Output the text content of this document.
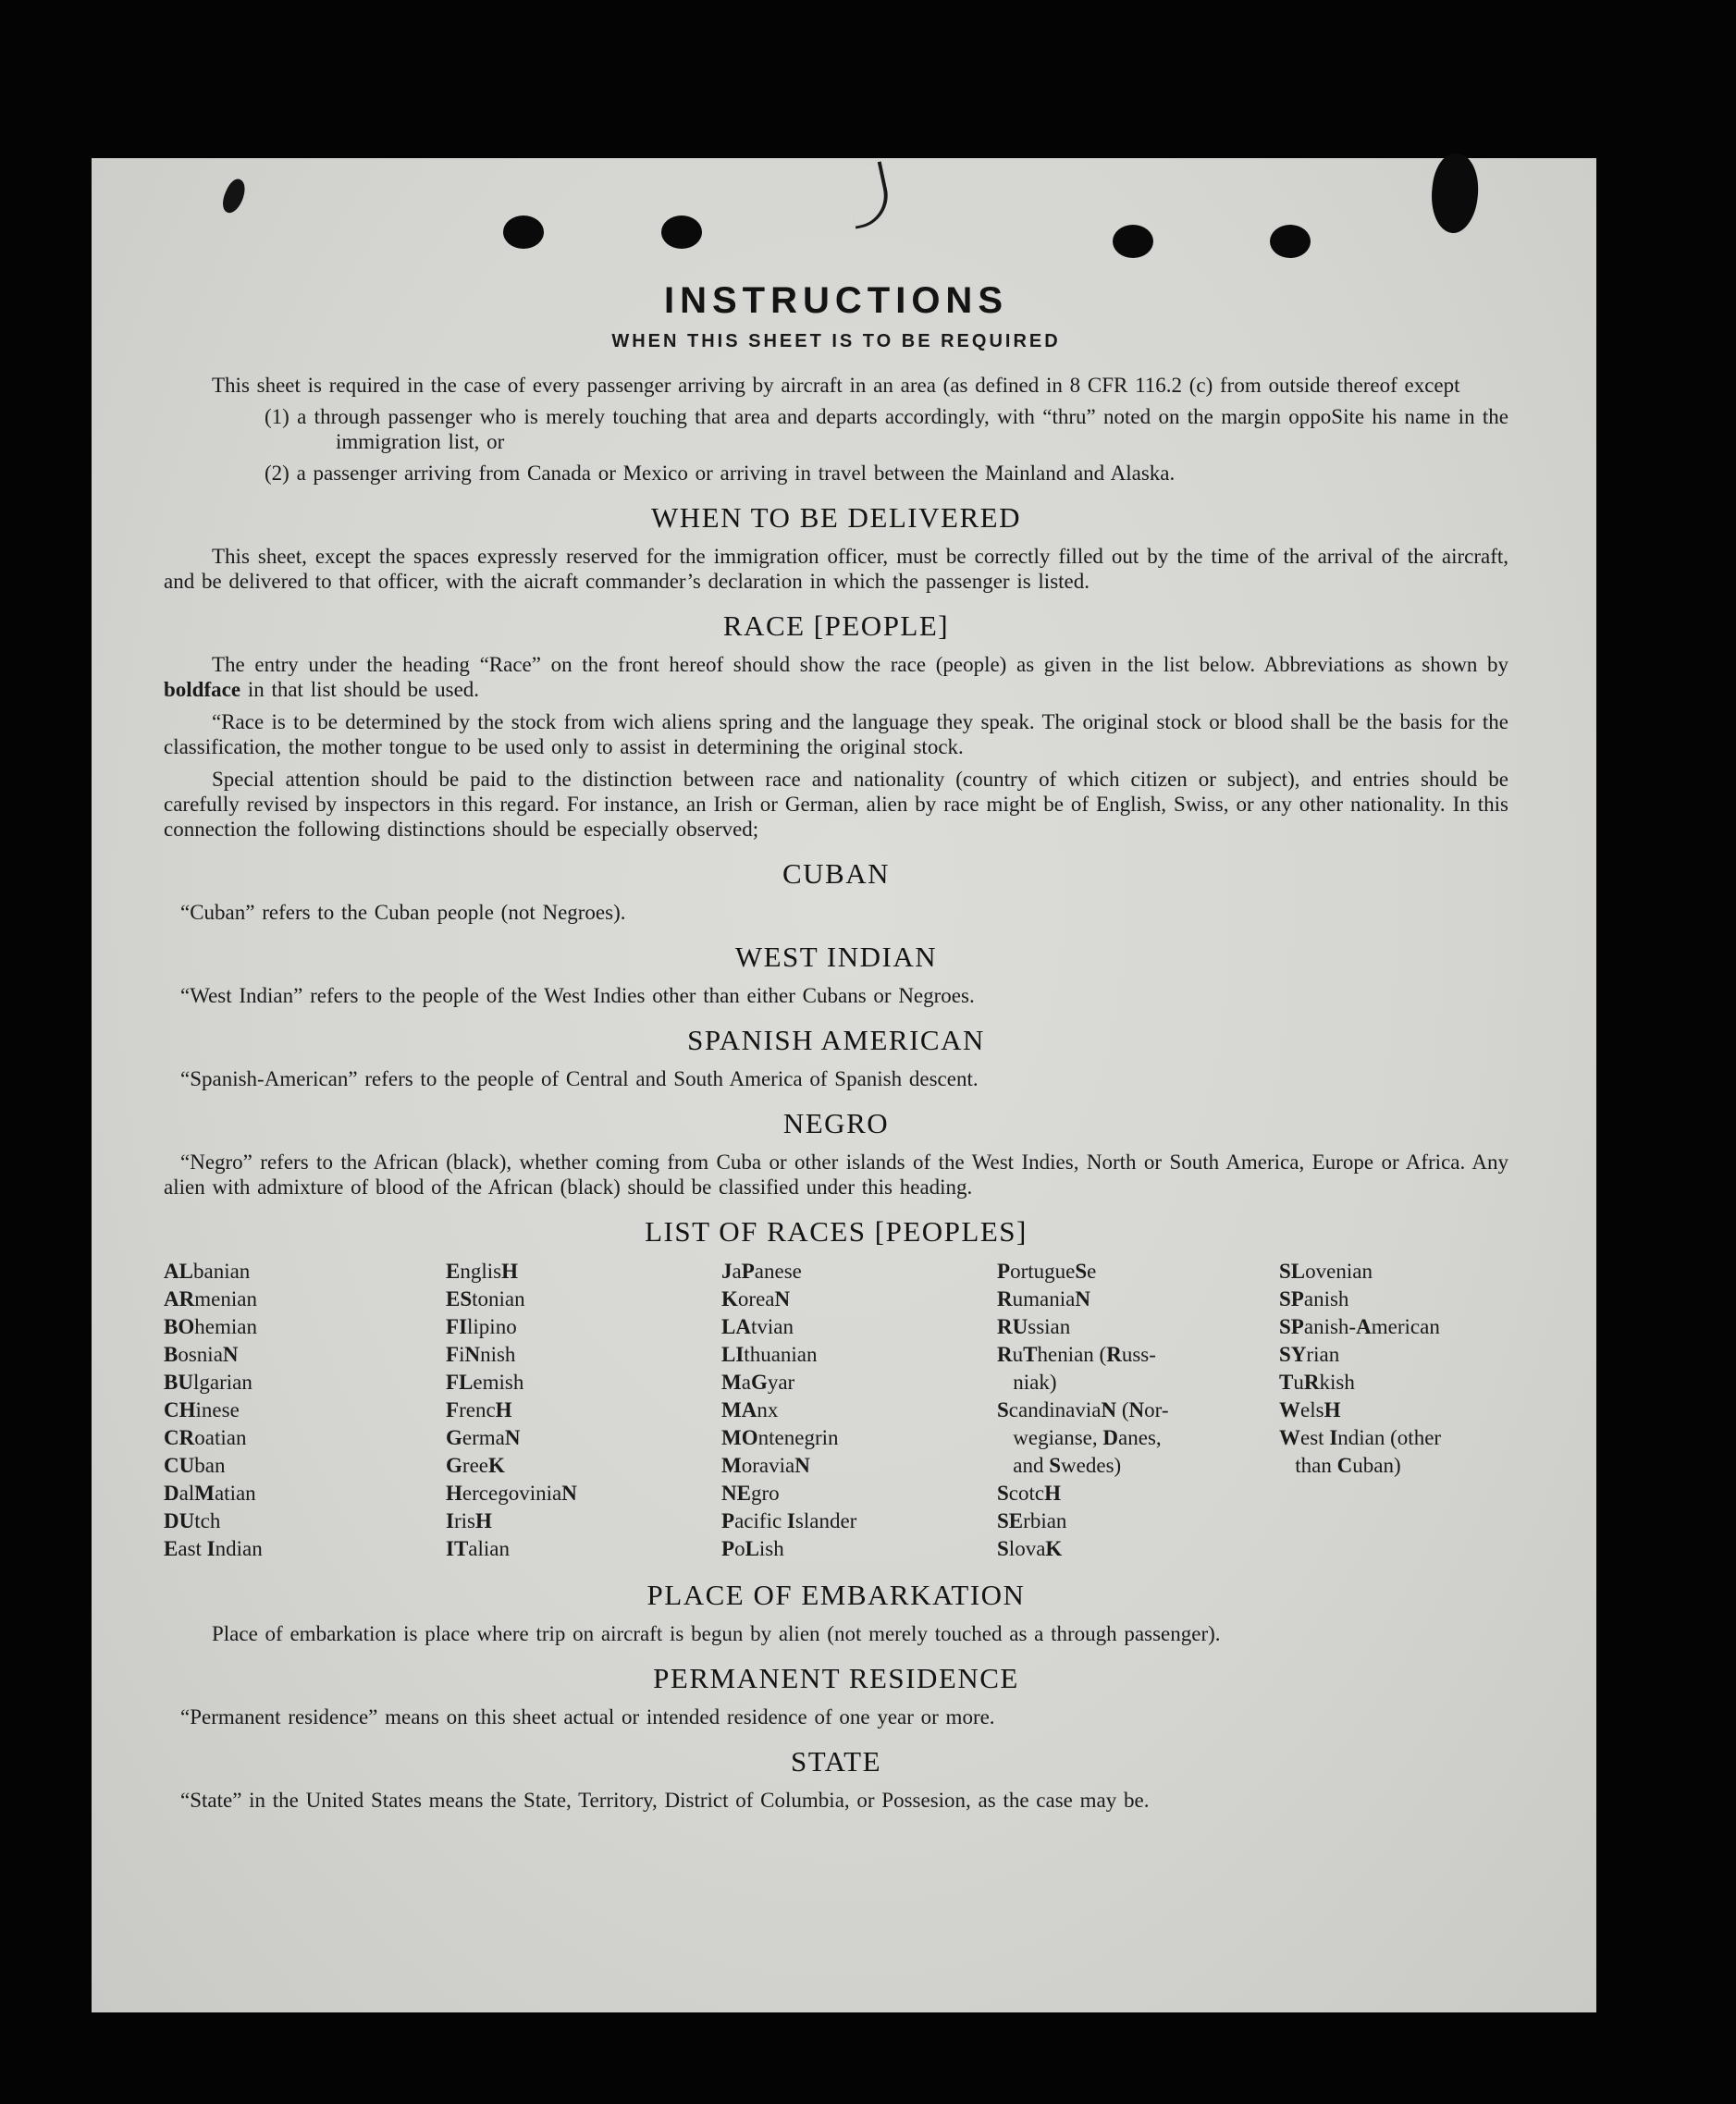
INSTRUCTIONS
WHEN THIS SHEET IS TO BE REQUIRED

This sheet is required in the case of every passenger arriving by aircraft in an area (as defined in 8 CFR 116.2 (c) from outside thereof except

(1) a through passenger who is merely touching that area and departs accordingly, with “thru” noted on the margin oppoSite his name in the immigration list, or
(2) a passenger arriving from Canada or Mexico or arriving in travel between the Mainland and Alaska.
WHEN TO BE DELIVERED

This sheet, except the spaces expressly reserved for the immigration officer, must be correctly filled out by the time of the arrival of the aircraft, and be delivered to that officer, with the aicraft commander’s declaration in which the passenger is listed.

RACE [PEOPLE]

The entry under the heading “Race” on the front hereof should show the race (people) as given in the list below. Abbreviations as shown by boldface in that list should be used.

“Race is to be determined by the stock from wich aliens spring and the language they speak. The original stock or blood shall be the basis for the classification, the mother tongue to be used only to assist in determining the original stock.

Special attention should be paid to the distinction between race and nationality (country of which citizen or subject), and entries should be carefully revised by inspectors in this regard. For instance, an Irish or German, alien by race might be of English, Swiss, or any other nationality. In this connection the following distinctions should be especially observed;

CUBAN

“Cuban” refers to the Cuban people (not Negroes).

WEST INDIAN

“West Indian” refers to the people of the West Indies other than either Cubans or Negroes.

SPANISH AMERICAN

“Spanish-American” refers to the people of Central and South America of Spanish descent.

NEGRO

“Negro” refers to the African (black), whether coming from Cuba or other islands of the West Indies, North or South America, Europe or Africa. Any alien with admixture of blood of the African (black) should be classified under this heading.

LIST OF RACES [PEOPLES]
ALbanian
ARmenian
BOhemian
BosniaN
BUlgarian
CHinese
CRoatian
CUban
DalMatian
DUtch
East Indian
EnglisH
EStonian
FIlipino
FiNnish
FLemish
FrencH
GermaN
GreeK
HercegoviniaN
IrisH
ITalian
JaPanese
KoreaN
LAtvian
LIthuanian
MaGyar
MAnx
MOntenegrin
MoraviaN
NEgro
Pacific Islander
PoLish
PortugueSe
RumaniaN
RUssian
RuThenian (Russ-
niak)
ScandinaviaN (Nor-
wegianse, Danes,
and Swedes)
ScotcH
SErbian
SlovaK
SLovenian
SPanish
SPanish-American
SYrian
TuRkish
WelsH
West Indian (other
than Cuban)
PLACE OF EMBARKATION

Place of embarkation is place where trip on aircraft is begun by alien (not merely touched as a through passenger).

PERMANENT RESIDENCE

“Permanent residence” means on this sheet actual or intended residence of one year or more.

STATE

“State” in the United States means the State, Territory, District of Columbia, or Possesion, as the case may be.
